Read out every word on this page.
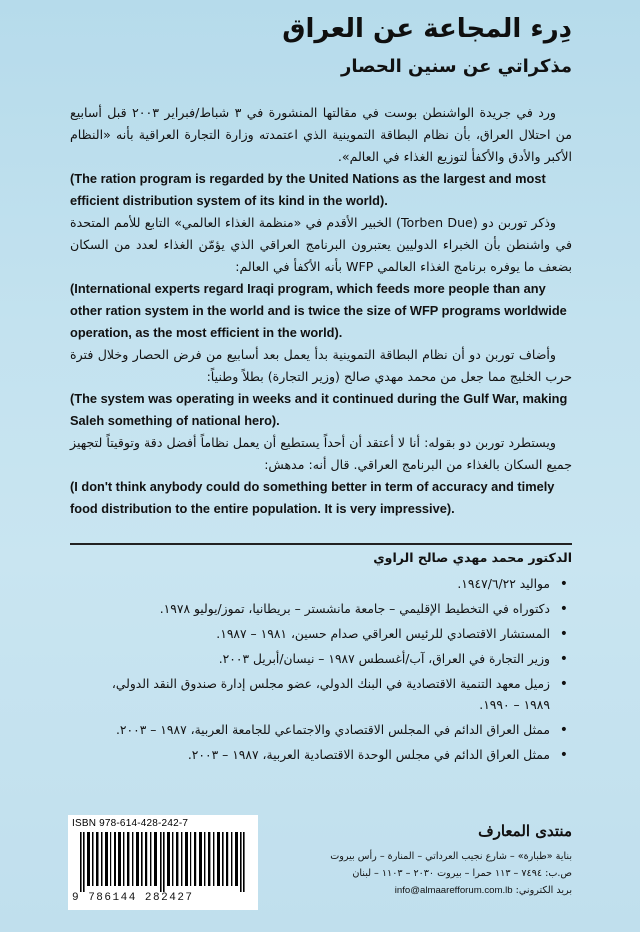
دِرء المجاعة عن العراق
مذكراتي عن سنين الحصار

ورد في جريدة الواشنطن بوست في مقالتها المنشورة في ٣ شباط/فبراير ٢٠٠٣ قبل أسابيع من احتلال العراق، بأن نظام البطاقة التموينية الذي اعتمدته وزارة التجارة العراقية بأنه «النظام الأكبر والأدق والأكفأ لتوزيع الغذاء في العالم».

(The ration program is regarded by the United Nations as the largest and most efficient distribution system of its kind in the world).

وذكر توربن دو (Torben Due) الخبير الأقدم في «منظمة الغذاء العالمي» التابع للأمم المتحدة في واشنطن بأن الخبراء الدوليين يعتبرون البرنامج العراقي الذي يؤمّن الغذاء لعدد من السكان بضعف ما يوفره برنامج الغذاء العالمي WFP بأنه الأكفأ في العالم:

(International experts regard Iraqi program, which feeds more people than any other ration system in the world and is twice the size of WFP programs worldwide operation, as the most efficient in the world).

وأضاف توربن دو أن نظام البطاقة التموينية بدأ يعمل بعد أسابيع من فرض الحصار وخلال فترة حرب الخليج مما جعل من محمد مهدي صالح (وزير التجارة) بطلاً وطنياً:

(The system was operating in weeks and it continued during the Gulf War, making Saleh something of national hero).

ويستطرد توربن دو بقوله: أنا لا أعتقد أن أحداً يستطيع أن يعمل نظاماً أفضل دقة وتوقيتاً لتجهيز جميع السكان بالغذاء من البرنامج العراقي. قال أنه: مدهش:

(I don't think anybody could do something better in term of accuracy and timely food distribution to the entire population. It is very impressive).

الدكتور محمد مهدي صالح الراوي

• مواليد ١٩٤٧/٦/٢٢.
• دكتوراه في التخطيط الإقليمي – جامعة مانشستر – بريطانيا، تموز/يوليو ١٩٧٨.
• المستشار الاقتصادي للرئيس العراقي صدام حسين، ١٩٨١ – ١٩٨٧.
• وزير التجارة في العراق، آب/أغسطس ١٩٨٧ – نيسان/أبريل ٢٠٠٣.
• زميل معهد التنمية الاقتصادية في البنك الدولي، عضو مجلس إدارة صندوق النقد الدولي، ١٩٨٩ – ١٩٩٠.
• ممثل العراق الدائم في المجلس الاقتصادي والاجتماعي للجامعة العربية، ١٩٨٧ – ٢٠٠٣.
• ممثل العراق الدائم في مجلس الوحدة الاقتصادية العربية، ١٩٨٧ – ٢٠٠٣.
ISBN 978-614-428-242-7
9 786144 282427
منتدى المعارف
بناية «طبارة» – شارع نجيب العرداتي – المنارة – رأس بيروت
ص.ب: ٧٤٩٤ – ١١٣ حمرا – بيروت ٢٠٣٠ – ١١٠٣ – لبنان
بريد الكتروني: info@almaarefforum.com.lb
